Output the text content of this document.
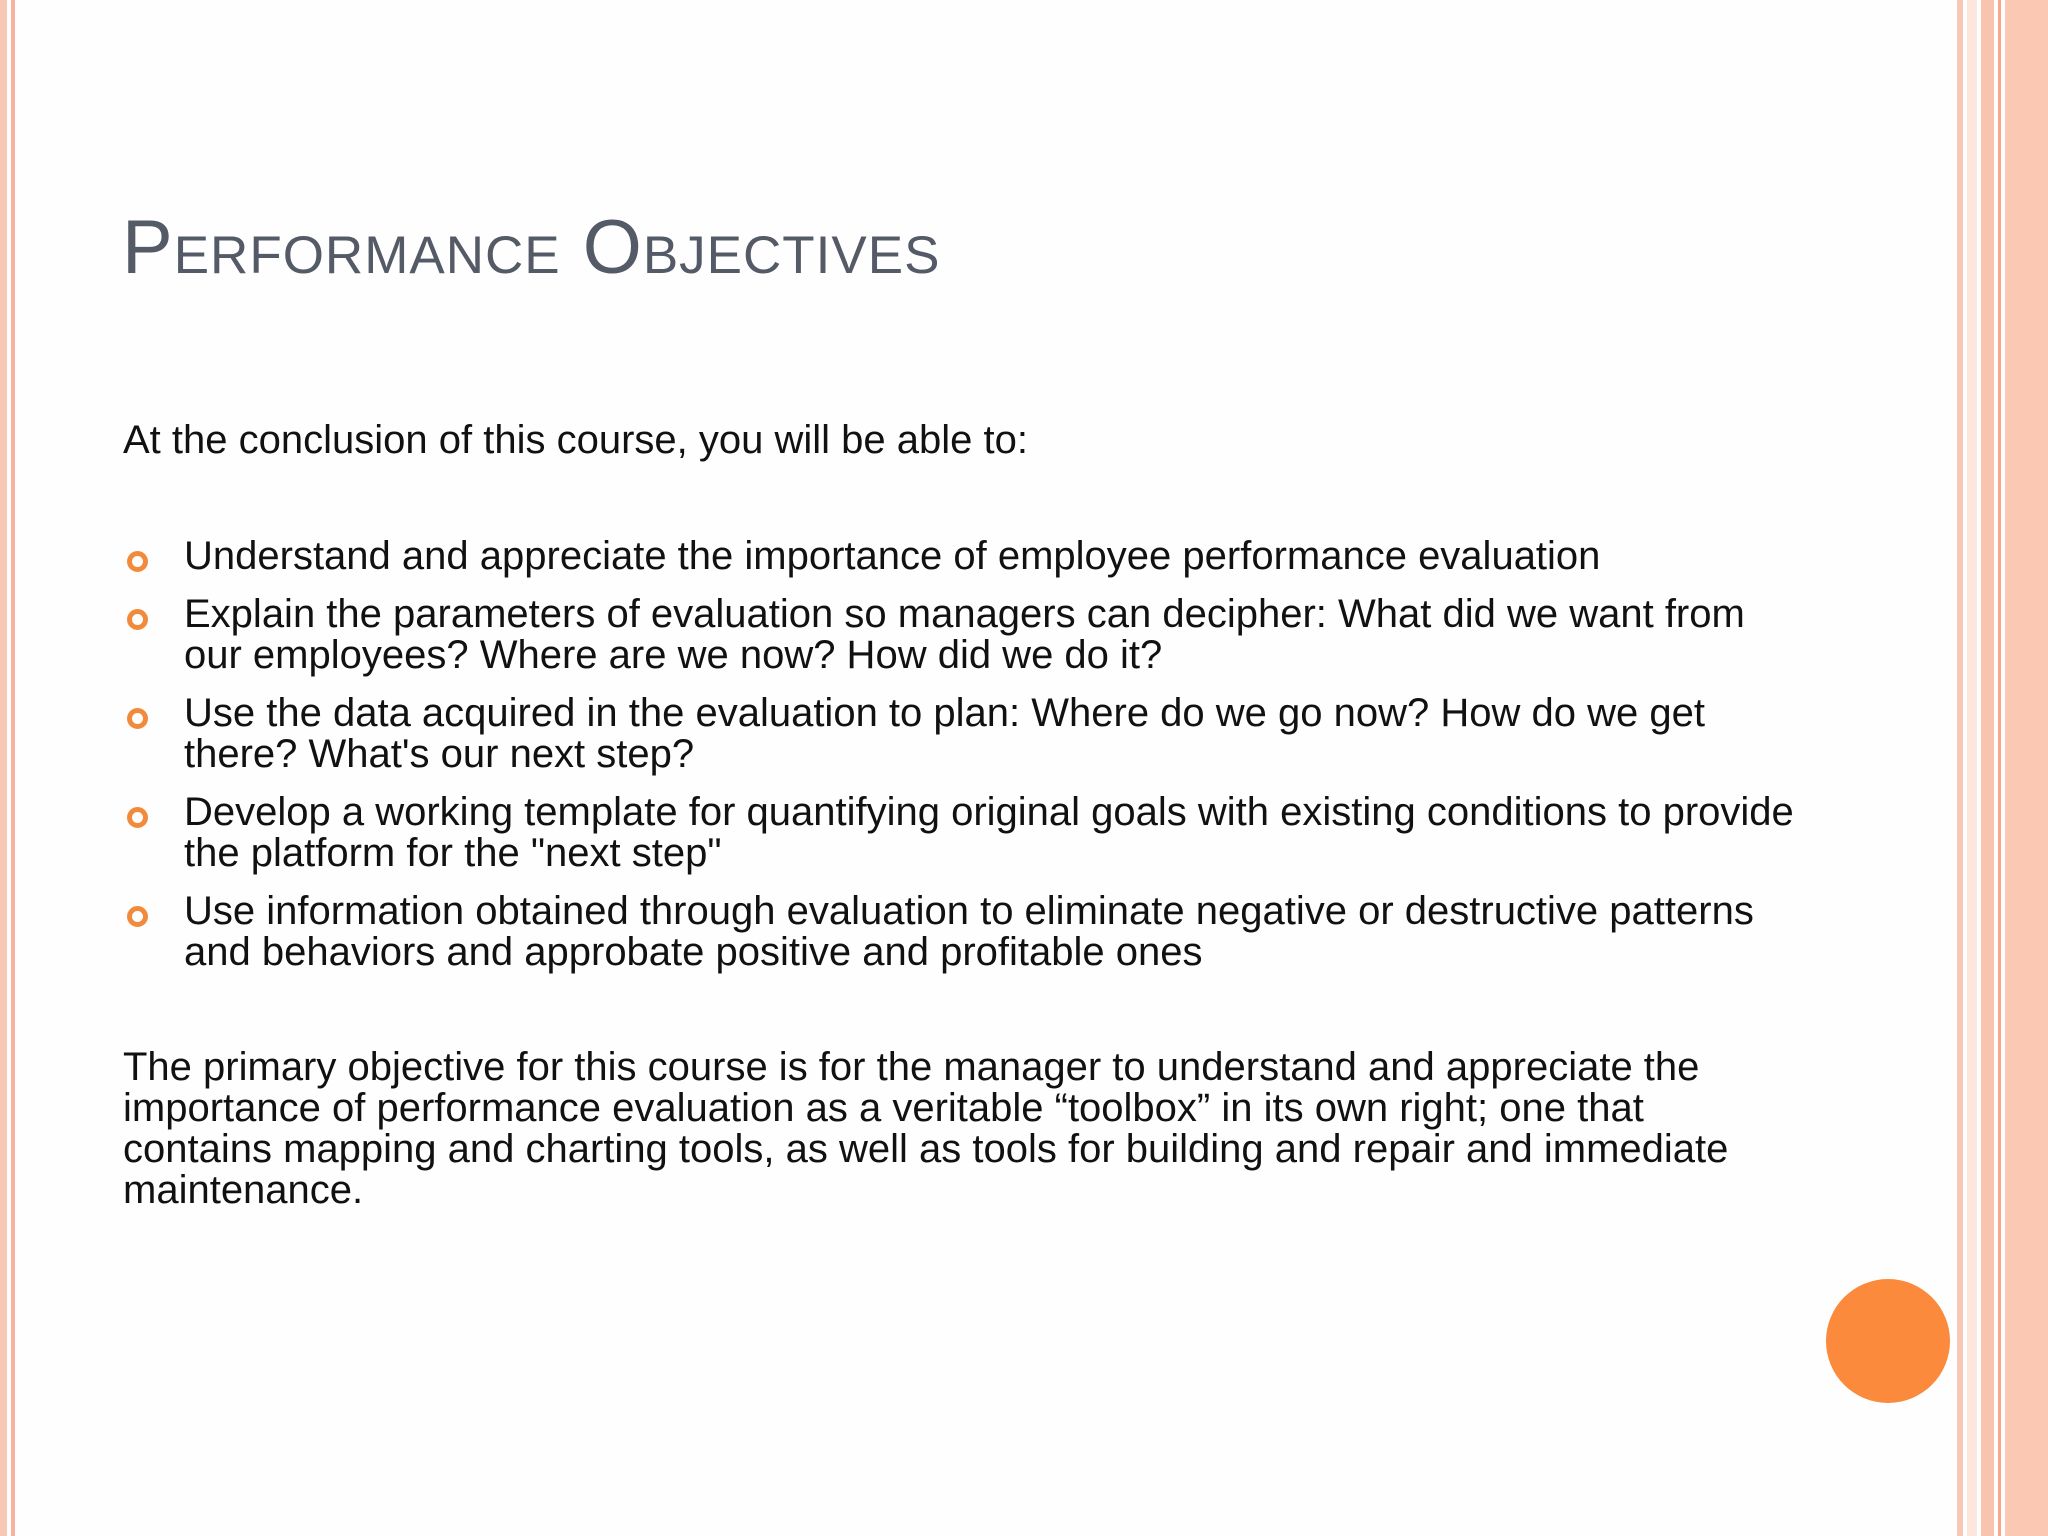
Performance Objectives
At the conclusion of this course, you will be able to:
Understand and appreciate the importance of employee performance evaluation
Explain the parameters of evaluation so managers can decipher: What did we want from our employees? Where are we now? How did we do it?
Use the data acquired in the evaluation to plan: Where do we go now? How do we get there? What's our next step?
Develop a working template for quantifying original goals with existing conditions to provide the platform for the "next step"
Use information obtained through evaluation to eliminate negative or destructive patterns and behaviors and approbate positive and profitable ones
The primary objective for this course is for the manager to understand and appreciate the importance of performance evaluation as a veritable “toolbox” in its own right; one that contains mapping and charting tools, as well as tools for building and repair and immediate maintenance.
